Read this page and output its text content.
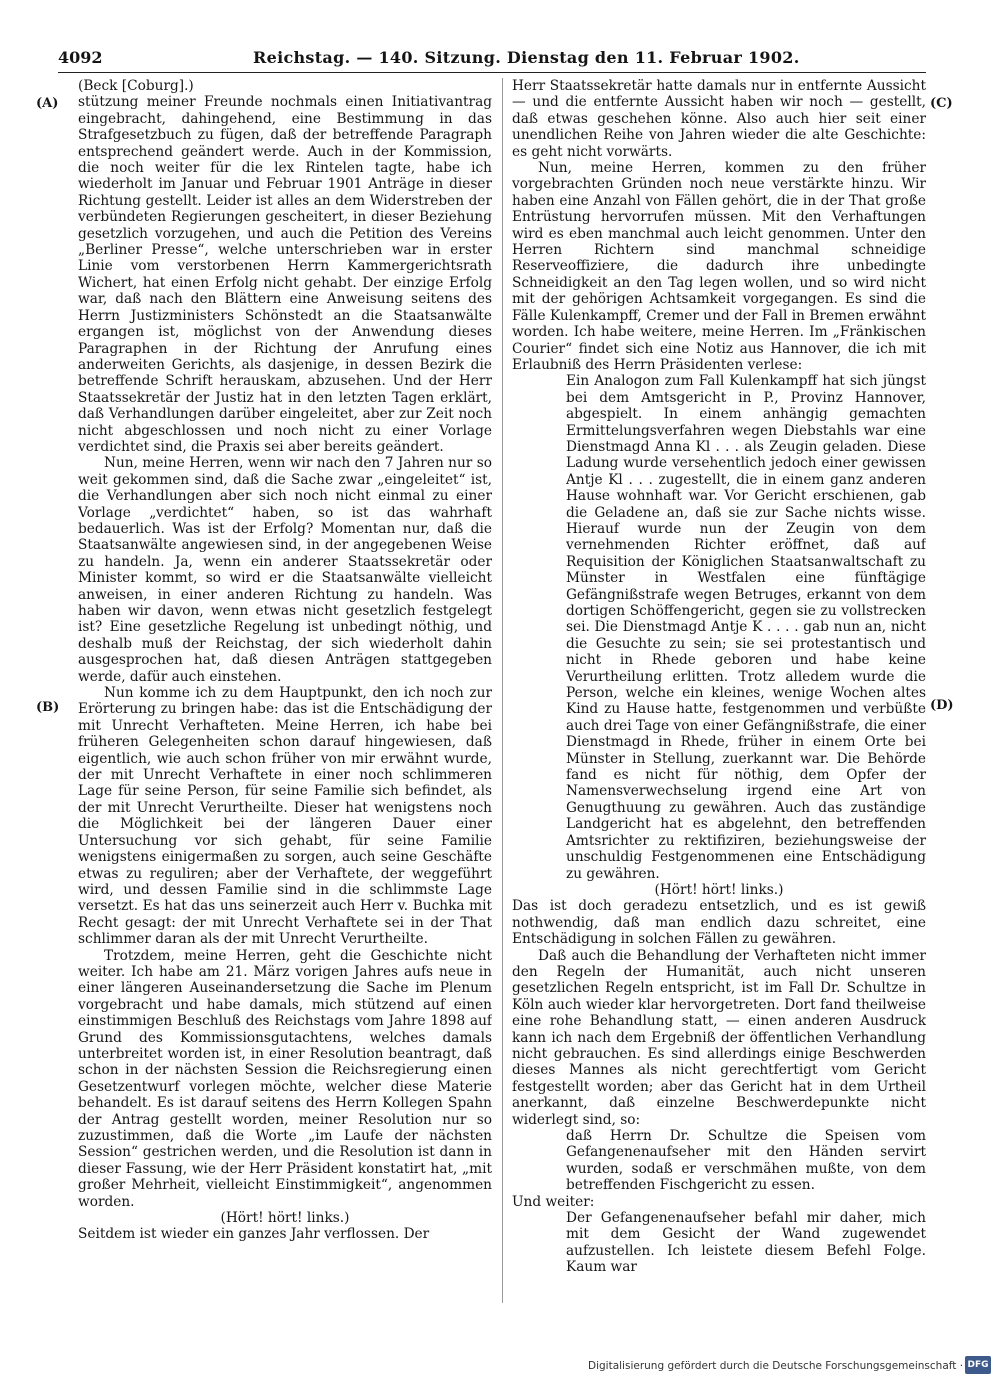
4092	Reichstag. — 140. Sitzung. Dienstag den 11. Februar 1902.
(A)
(B)
(C)
(D)

(Beck [Coburg].)

stützung meiner Freunde nochmals einen Initiativantrag eingebracht, dahingehend, eine Bestimmung in das Strafgesetzbuch zu fügen, daß der betreffende Paragraph entsprechend geändert werde. Auch in der Kommission, die noch weiter für die lex Rintelen tagte, habe ich wiederholt im Januar und Februar 1901 Anträge in dieser Richtung gestellt. Leider ist alles an dem Widerstreben der verbündeten Regierungen gescheitert, in dieser Beziehung gesetzlich vorzugehen, und auch die Petition des Vereins „Berliner Presse“, welche unterschrieben war in erster Linie vom verstorbenen Herrn Kammergerichtsrath Wichert, hat einen Erfolg nicht gehabt. Der einzige Erfolg war, daß nach den Blättern eine Anweisung seitens des Herrn Justizministers Schönstedt an die Staatsanwälte ergangen ist, möglichst von der Anwendung dieses Paragraphen in der Richtung der Anrufung eines anderweiten Gerichts, als dasjenige, in dessen Bezirk die betreffende Schrift herauskam, abzusehen. Und der Herr Staatssekretär der Justiz hat in den letzten Tagen erklärt, daß Verhandlungen darüber eingeleitet, aber zur Zeit noch nicht abgeschlossen und noch nicht zu einer Vorlage verdichtet sind, die Praxis sei aber bereits geändert.

Nun, meine Herren, wenn wir nach den 7 Jahren nur so weit gekommen sind, daß die Sache zwar „eingeleitet“ ist, die Verhandlungen aber sich noch nicht einmal zu einer Vorlage „verdichtet“ haben, so ist das wahrhaft bedauerlich. Was ist der Erfolg? Momentan nur, daß die Staatsanwälte angewiesen sind, in der angegebenen Weise zu handeln. Ja, wenn ein anderer Staatssekretär oder Minister kommt, so wird er die Staatsanwälte vielleicht anweisen, in einer anderen Richtung zu handeln. Was haben wir davon, wenn etwas nicht gesetzlich festgelegt ist? Eine gesetzliche Regelung ist unbedingt nöthig, und deshalb muß der Reichstag, der sich wiederholt dahin ausgesprochen hat, daß diesen Anträgen stattgegeben werde, dafür auch einstehen.

Nun komme ich zu dem Hauptpunkt, den ich noch zur Erörterung zu bringen habe: das ist die Entschädigung der mit Unrecht Verhafteten. Meine Herren, ich habe bei früheren Gelegenheiten schon darauf hingewiesen, daß eigentlich, wie auch schon früher von mir erwähnt wurde, der mit Unrecht Verhaftete in einer noch schlimmeren Lage für seine Person, für seine Familie sich befindet, als der mit Unrecht Verurtheilte. Dieser hat wenigstens noch die Möglichkeit bei der längeren Dauer einer Untersuchung vor sich gehabt, für seine Familie wenigstens einigermaßen zu sorgen, auch seine Geschäfte etwas zu reguliren; aber der Verhaftete, der weggeführt wird, und dessen Familie sind in die schlimmste Lage versetzt. Es hat das uns seinerzeit auch Herr v. Buchka mit Recht gesagt: der mit Unrecht Verhaftete sei in der That schlimmer daran als der mit Unrecht Verurtheilte.

Trotzdem, meine Herren, geht die Geschichte nicht weiter. Ich habe am 21. März vorigen Jahres aufs neue in einer längeren Auseinandersetzung die Sache im Plenum vorgebracht und habe damals, mich stützend auf einen einstimmigen Beschluß des Reichstags vom Jahre 1898 auf Grund des Kommissionsgutachtens, welches damals unterbreitet worden ist, in einer Resolution beantragt, daß schon in der nächsten Session die Reichsregierung einen Gesetzentwurf vorlegen möchte, welcher diese Materie behandelt. Es ist darauf seitens des Herrn Kollegen Spahn der Antrag gestellt worden, meiner Resolution nur so zuzustimmen, daß die Worte „im Laufe der nächsten Session“ gestrichen werden, und die Resolution ist dann in dieser Fassung, wie der Herr Präsident konstatirt hat, „mit großer Mehrheit, vielleicht Einstimmigkeit“, angenommen worden.

(Hört! hört! links.)

Seitdem ist wieder ein ganzes Jahr verflossen. Der

Herr Staatssekretär hatte damals nur in entfernte Aussicht — und die entfernte Aussicht haben wir noch — gestellt, daß etwas geschehen könne. Also auch hier seit einer unendlichen Reihe von Jahren wieder die alte Geschichte: es geht nicht vorwärts.

Nun, meine Herren, kommen zu den früher vorgebrachten Gründen noch neue verstärkte hinzu. Wir haben eine Anzahl von Fällen gehört, die in der That große Entrüstung hervorrufen müssen. Mit den Verhaftungen wird es eben manchmal auch leicht genommen. Unter den Herren Richtern sind manchmal schneidige Reserveoffiziere, die dadurch ihre unbedingte Schneidigkeit an den Tag legen wollen, und so wird nicht mit der gehörigen Achtsamkeit vorgegangen. Es sind die Fälle Kulenkampff, Cremer und der Fall in Bremen erwähnt worden. Ich habe weitere, meine Herren. Im „Fränkischen Courier“ findet sich eine Notiz aus Hannover, die ich mit Erlaubniß des Herrn Präsidenten verlese:

Ein Analogon zum Fall Kulenkampff hat sich jüngst bei dem Amtsgericht in P., Provinz Hannover, abgespielt. In einem anhängig gemachten Ermittelungsverfahren wegen Diebstahls war eine Dienstmagd Anna Kl . . . als Zeugin geladen. Diese Ladung wurde versehentlich jedoch einer gewissen Antje Kl . . . zugestellt, die in einem ganz anderen Hause wohnhaft war. Vor Gericht erschienen, gab die Geladene an, daß sie zur Sache nichts wisse. Hierauf wurde nun der Zeugin von dem vernehmenden Richter eröffnet, daß auf Requisition der Königlichen Staatsanwaltschaft zu Münster in Westfalen eine fünftägige Gefängnißstrafe wegen Betruges, erkannt von dem dortigen Schöffengericht, gegen sie zu vollstrecken sei. Die Dienstmagd Antje K . . . . gab nun an, nicht die Gesuchte zu sein; sie sei protestantisch und nicht in Rhede geboren und habe keine Verurtheilung erlitten. Trotz alledem wurde die Person, welche ein kleines, wenige Wochen altes Kind zu Hause hatte, festgenommen und verbüßte auch drei Tage von einer Gefängnißstrafe, die einer Dienstmagd in Rhede, früher in einem Orte bei Münster in Stellung, zuerkannt war. Die Behörde fand es nicht für nöthig, dem Opfer der Namensverwechselung irgend eine Art von Genugthuung zu gewähren. Auch das zuständige Landgericht hat es abgelehnt, den betreffenden Amtsrichter zu rektifiziren, beziehungsweise der unschuldig Festgenommenen eine Entschädigung zu gewähren.

(Hört! hört! links.)

Das ist doch geradezu entsetzlich, und es ist gewiß nothwendig, daß man endlich dazu schreitet, eine Entschädigung in solchen Fällen zu gewähren.

Daß auch die Behandlung der Verhafteten nicht immer den Regeln der Humanität, auch nicht unseren gesetzlichen Regeln entspricht, ist im Fall Dr. Schultze in Köln auch wieder klar hervorgetreten. Dort fand theilweise eine rohe Behandlung statt, — einen anderen Ausdruck kann ich nach dem Ergebniß der öffentlichen Verhandlung nicht gebrauchen. Es sind allerdings einige Beschwerden dieses Mannes als nicht gerechtfertigt vom Gericht festgestellt worden; aber das Gericht hat in dem Urtheil anerkannt, daß einzelne Beschwerdepunkte nicht widerlegt sind, so:

daß Herrn Dr. Schultze die Speisen vom Gefangenenaufseher mit den Händen servirt wurden, sodaß er verschmähen mußte, von dem betreffenden Fischgericht zu essen.

Und weiter:

Der Gefangenenaufseher befahl mir daher, mich mit dem Gesicht der Wand zugewendet aufzustellen. Ich leistete diesem Befehl Folge. Kaum war

Digitalisierung gefördert durch die Deutsche Forschungsgemeinschaft · DFG
